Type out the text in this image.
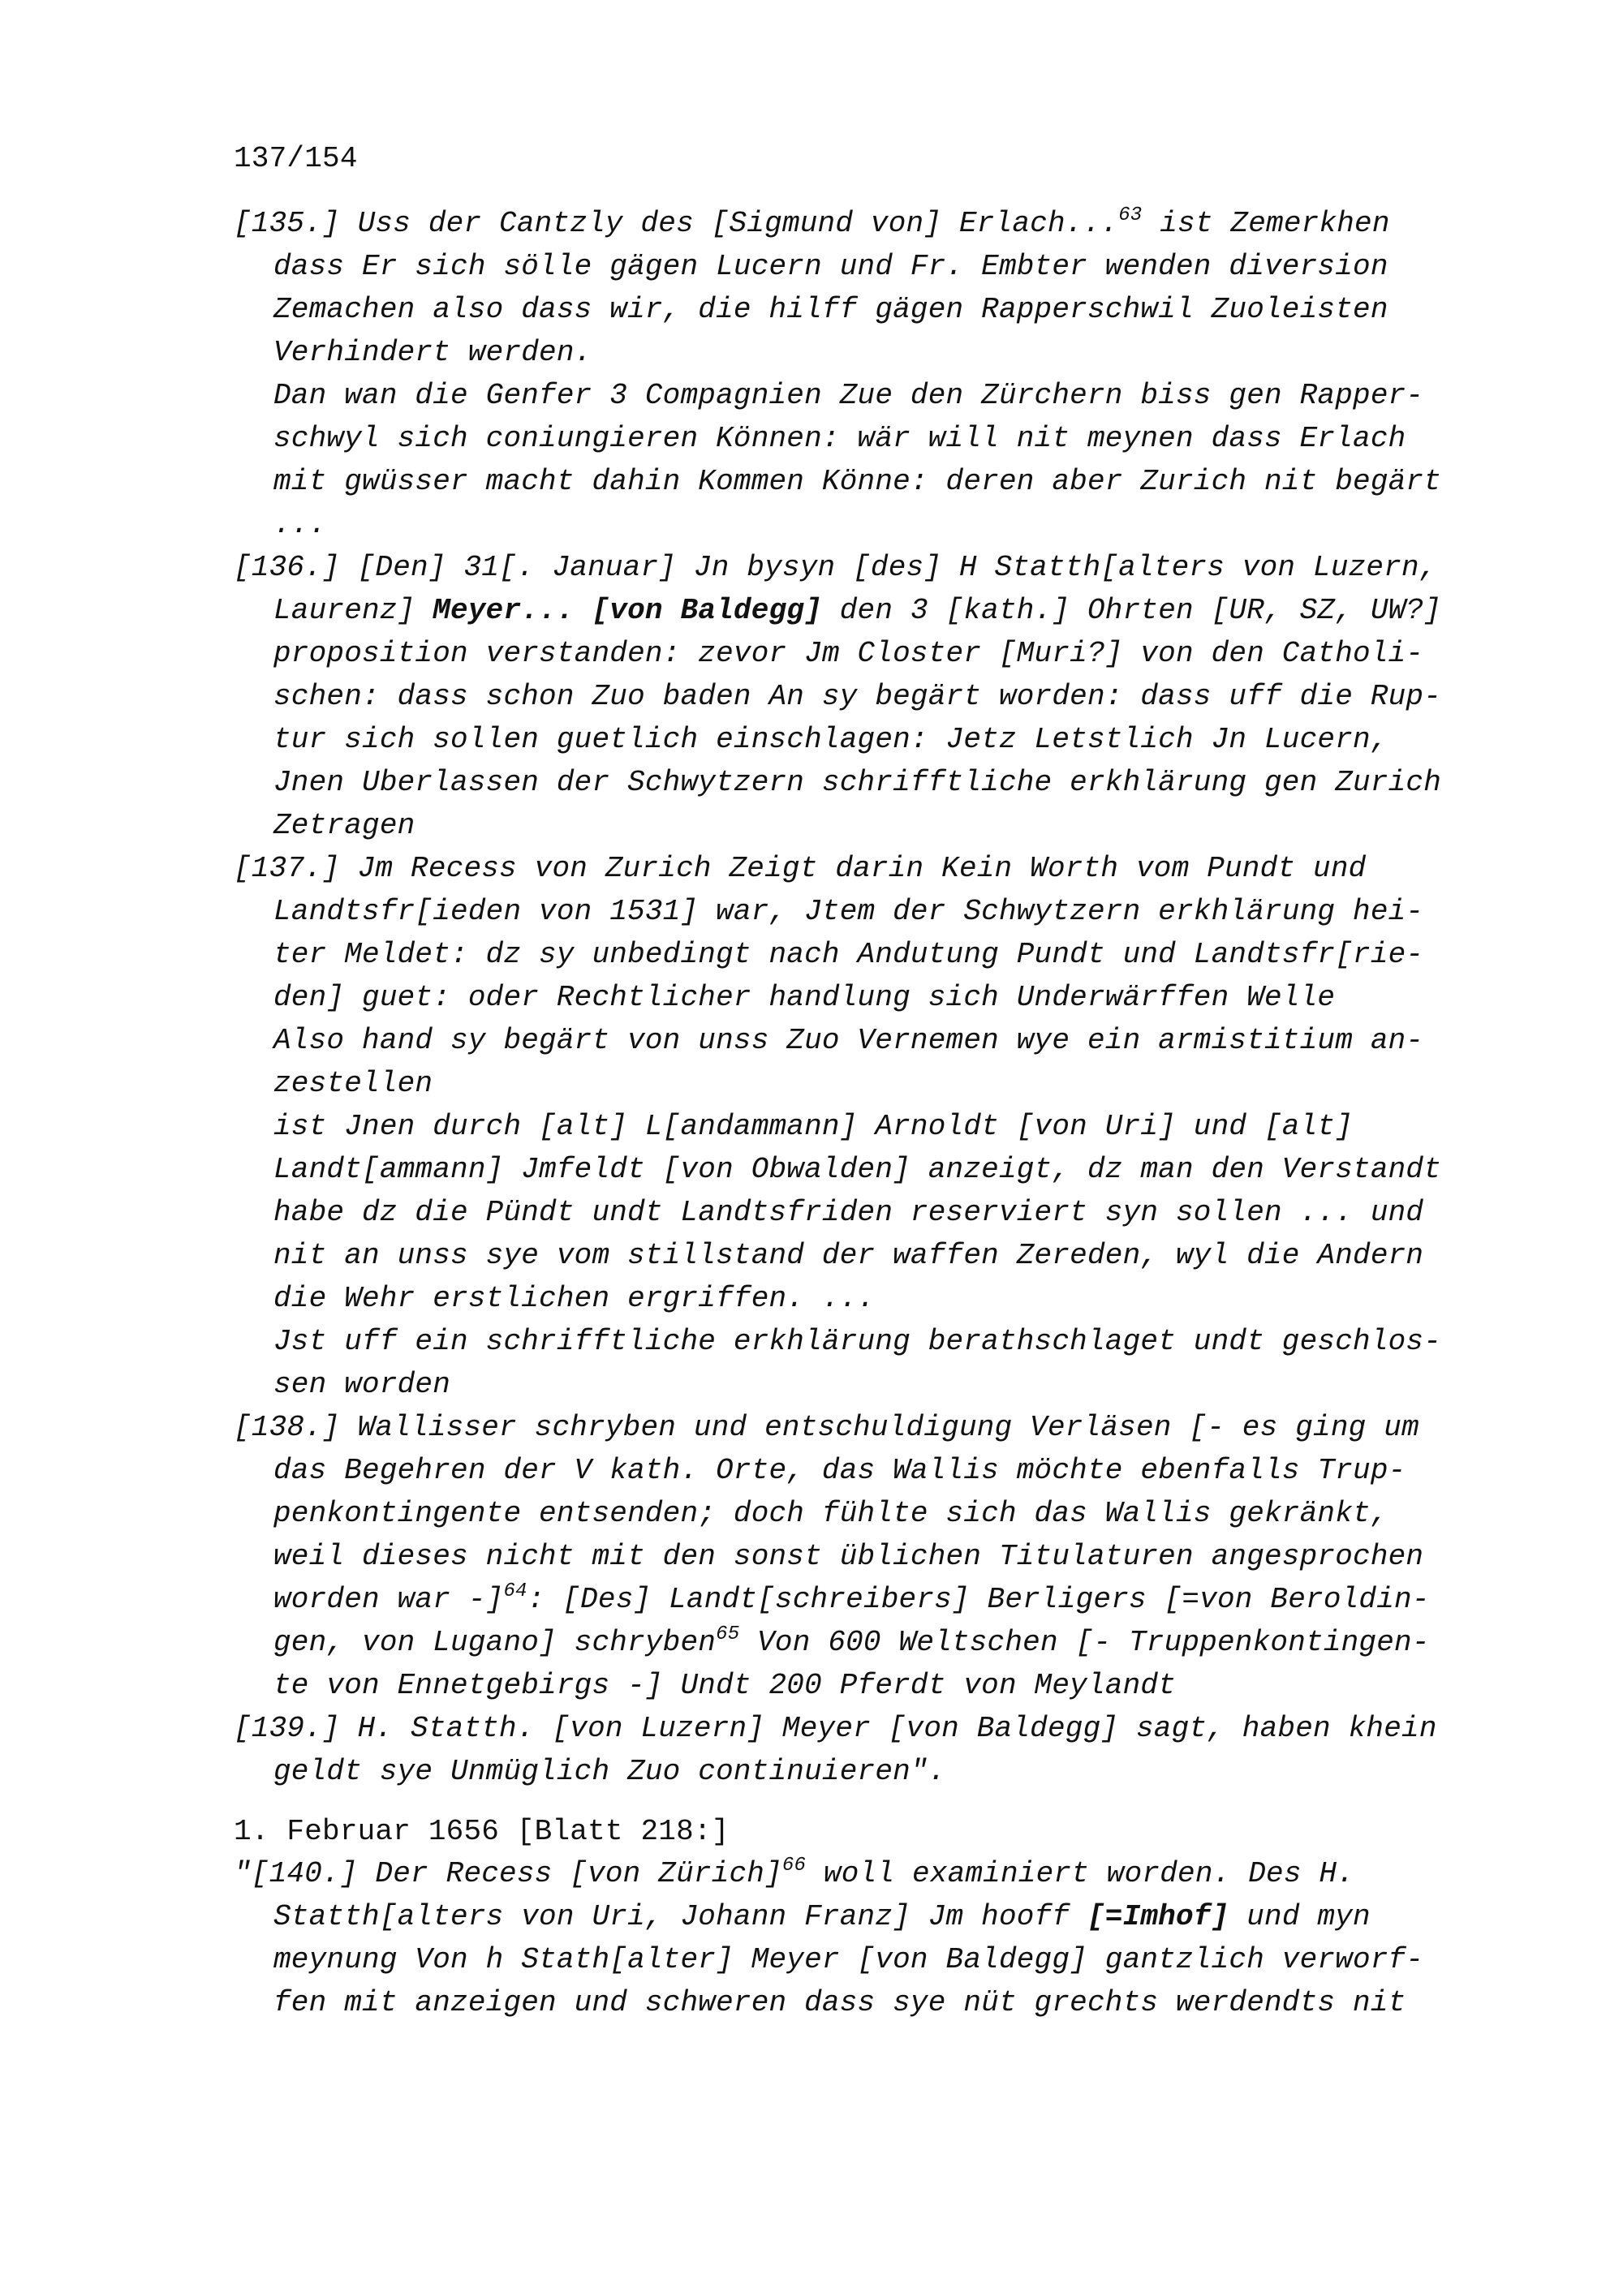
137/154
[135.] Uss der Cantzly des [Sigmund von] Erlach...$^{63}$ ist Zemerkhen
dass Er sich sölle gägen Lucern und Fr. Embter wenden diversion
Zemachen also dass wir, die hilff gägen Rapperschwil Zuoleisten
Verhindert werden.
Dan wan die Genfer 3 Compagnien Zue den Zürchern biss gen Rapper-
schwyl sich coniungieren Können: wär will nit meynen dass Erlach
mit gwüsser macht dahin Kommen Könne: deren aber Zurich nit begärt
...
[136.] [Den] 31[. Januar] Jn bysyn [des] H Statth[alters von Luzern,
Laurenz] Meyer... [von Baldegg] den 3 [kath.] Ohrten [UR, SZ, UW?]
proposition verstanden: zevor Jm Closter [Muri?] von den Catholi-
schen: dass schon Zuo baden An sy begärt worden: dass uff die Rup-
tur sich sollen guetlich einschlagen: Jetz Letstlich Jn Lucern,
Jnen Uberlassen der Schwytzern schrifftliche erkhlärung gen Zurich
Zetragen
[137.] Jm Recess von Zurich Zeigt darin Kein Worth vom Pundt und
Landtsfr[ieden von 1531] war, Jtem der Schwytzern erkhlärung hei-
ter Meldet: dz sy unbedingt nach Andutung Pundt und Landtsfr[rie-
den] guet: oder Rechtlicher handlung sich Underwärffen Welle
Also hand sy begärt von unss Zuo Vernemen wye ein armistitium an-
zestellen
ist Jnen durch [alt] L[andammann] Arnoldt [von Uri] und [alt]
Landt[ammann] Jmfeldt [von Obwalden] anzeigt, dz man den Verstandt
habe dz die Pündt undt Landtsfriden reserviert syn sollen ... und
nit an unss sye vom stillstand der waffen Zereden, wyl die Andern
die Wehr erstlichen ergriffen. ...
Jst uff ein schrifftliche erkhlärung berathschlaget undt geschlos-
sen worden
[138.] Wallisser schryben und entschuldigung Verläsen [- es ging um
das Begehren der V kath. Orte, das Wallis möchte ebenfalls Trup-
penkontingente entsenden; doch fühlte sich das Wallis gekränkt,
weil dieses nicht mit den sonst üblichen Titulaturen angesprochen
worden war -]$^{64}$: [Des] Landt[schreibers] Berligers [=von Beroldin-
gen, von Lugano] schryben$^{65}$ Von 600 Weltschen [- Truppenkontingen-
te von Ennetgebirgs -] Undt 200 Pferdt von Meylandt
[139.] H. Statth. [von Luzern] Meyer [von Baldegg] sagt, haben khein
geldt sye Unmüglich Zuo continuieren".
1. Februar 1656 [Blatt 218:]
"[140.] Der Recess [von Zürich]$^{66}$ woll examiniert worden. Des H.
Statth[alters von Uri, Johann Franz] Jm hooff [=Imhof] und myn
meynung Von h Stath[alter] Meyer [von Baldegg] gantzlich verworf-
fen mit anzeigen und schweren dass sye nüt grechts werdendts nit
